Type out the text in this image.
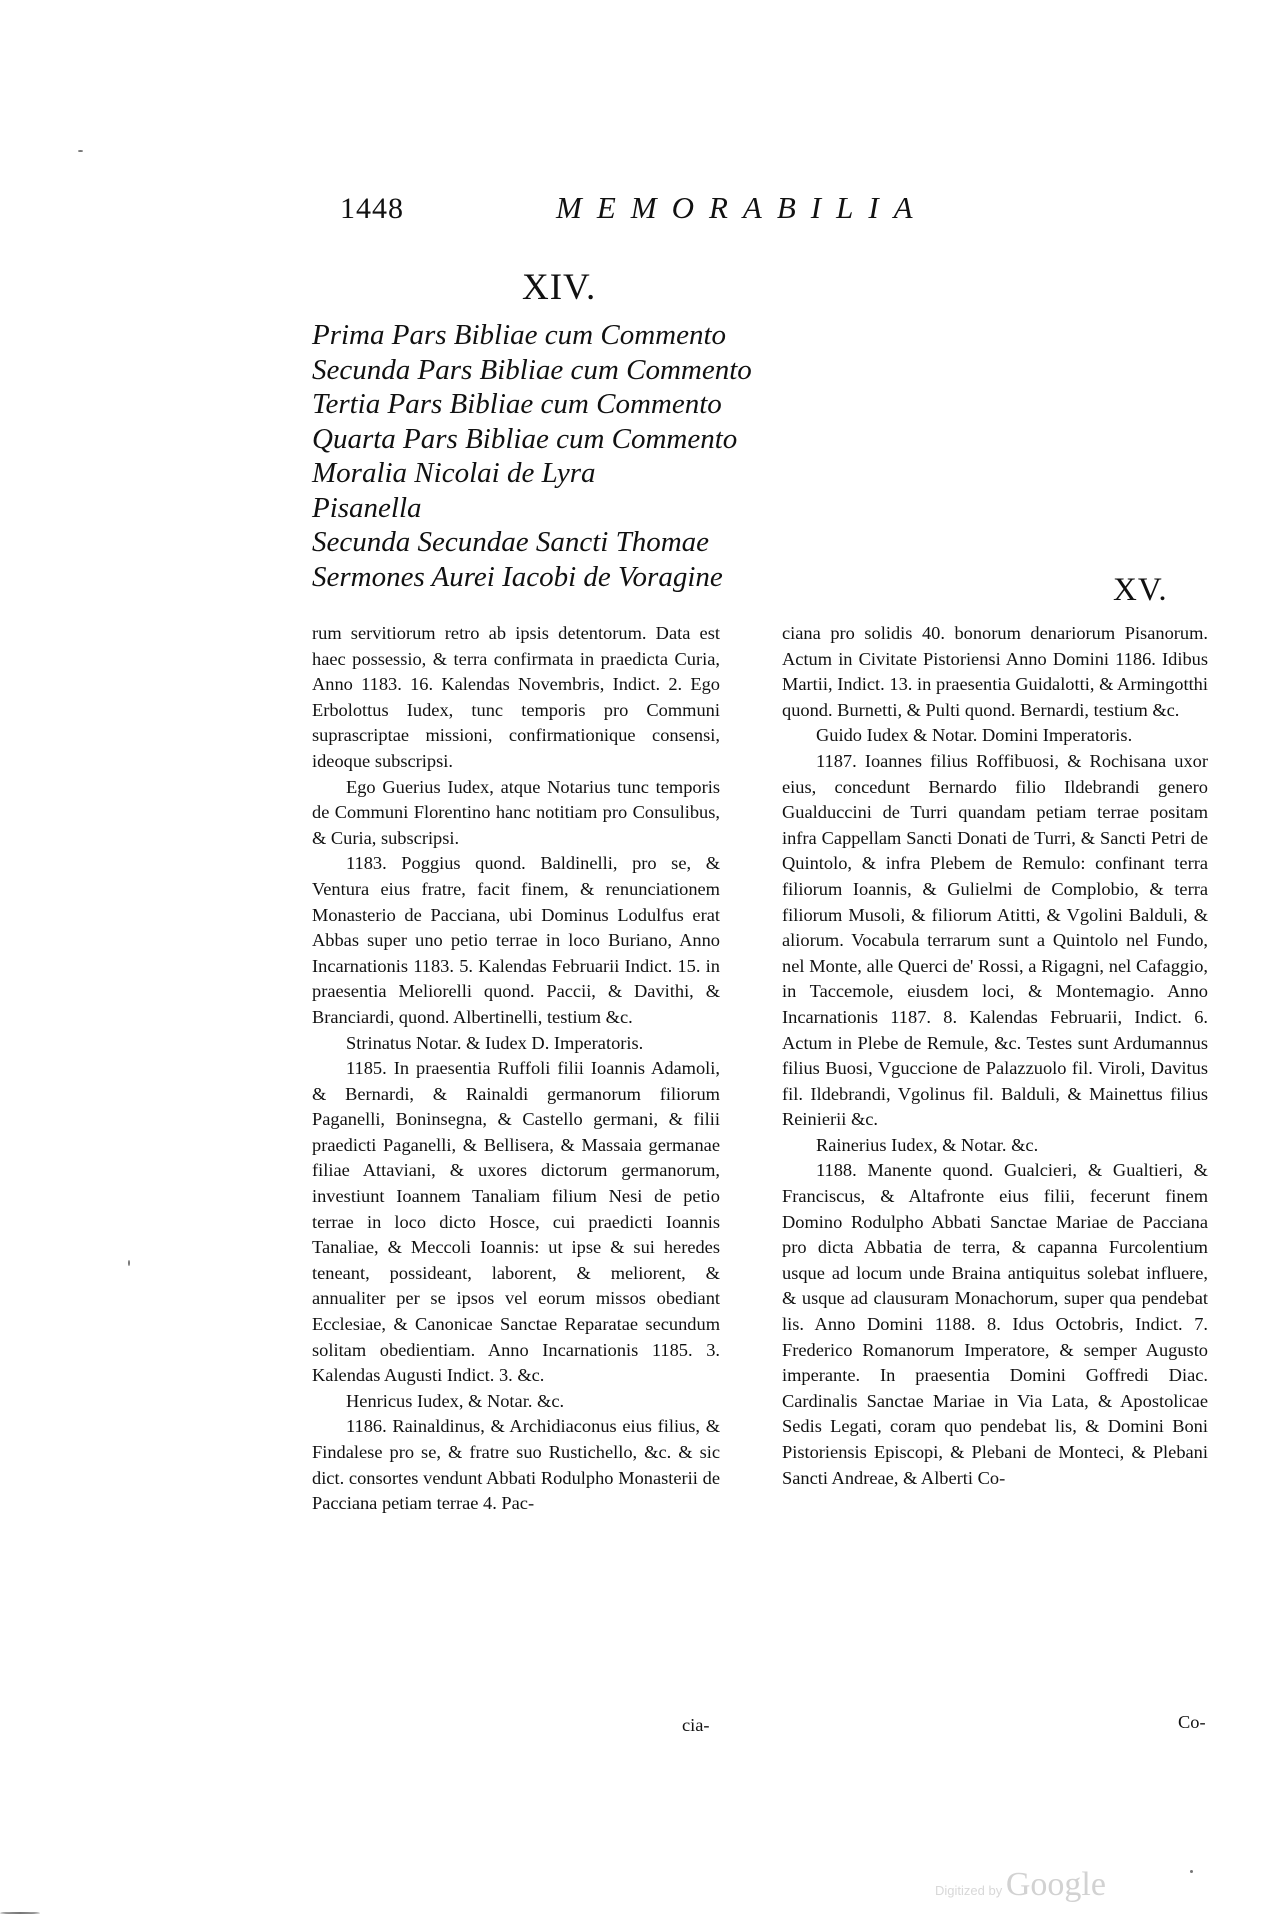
1448	MEMORABILIA
XIV.
Prima Pars Bibliae cum Commento
Secunda Pars Bibliae cum Commento
Tertia Pars Bibliae cum Commento
Quarta Pars Bibliae cum Commento
Moralia Nicolai de Lyra
Pisanella
Secunda Secundae Sancti Thomae
Sermones Aurei Iacobi de Voragine	XV.

rum servitiorum retro ab ipsis detentorum. Data est haec possessio, & terra confirmata in praedicta Curia, Anno 1183. 16. Kalendas Novembris, Indict. 2. Ego Erbolottus Iudex, tunc temporis pro Communi suprascriptae missioni, confirmationique consensi, ideoque subscripsi.

Ego Guerius Iudex, atque Notarius tunc temporis de Communi Florentino hanc notitiam pro Consulibus, & Curia, subscripsi.

1183. Poggius quond. Baldinelli, pro se, & Ventura eius fratre, facit finem, & renunciationem Monasterio de Pacciana, ubi Dominus Lodulfus erat Abbas super uno petio terrae in loco Buriano, Anno Incarnationis 1183. 5. Kalendas Februarii Indict. 15. in praesentia Meliorelli quond. Paccii, & Davithi, & Branciardi, quond. Albertinelli, testium &c.

Strinatus Notar. & Iudex D. Imperatoris.

1185. In praesentia Ruffoli filii Ioannis Adamoli, & Bernardi, & Rainaldi germanorum filiorum Paganelli, Boninsegna, & Castello germani, & filii praedicti Paganelli, & Bellisera, & Massaia germanae filiae Attaviani, & uxores dictorum germanorum, investiunt Ioannem Tanaliam filium Nesi de petio terrae in loco dicto Hosce, cui praedicti Ioannis Tanaliae, & Meccoli Ioannis: ut ipse & sui heredes teneant, possideant, laborent, & meliorent, & annualiter per se ipsos vel eorum missos obediant Ecclesiae, & Canonicae Sanctae Reparatae secundum solitam obedientiam. Anno Incarnationis 1185. 3. Kalendas Augusti Indict. 3. &c.

Henricus Iudex, & Notar. &c.

1186. Rainaldinus, & Archidiaconus eius filius, & Findalese pro se, & fratre suo Rustichello, &c. & sic dict. consortes vendunt Abbati Rodulpho Monasterii de Pacciana petiam terrae 4. Pac-

cia-

ciana pro solidis 40. bonorum denariorum Pisanorum. Actum in Civitate Pistoriensi Anno Domini 1186. Idibus Martii, Indict. 13. in praesentia Guidalotti, & Armingotthi quond. Burnetti, & Pulti quond. Bernardi, testium &c.

Guido Iudex & Notar. Domini Imperatoris.

1187. Ioannes filius Roffibuosi, & Rochisana uxor eius, concedunt Bernardo filio Ildebrandi genero Gualduccini de Turri quandam petiam terrae positam infra Cappellam Sancti Donati de Turri, & Sancti Petri de Quintolo, & infra Plebem de Remulo: confinant terra filiorum Ioannis, & Gulielmi de Complobio, & terra filiorum Musoli, & filiorum Atitti, & Vgolini Balduli, & aliorum. Vocabula terrarum sunt a Quintolo nel Fundo, nel Monte, alle Querci de' Rossi, a Rigagni, nel Cafaggio, in Taccemole, eiusdem loci, & Montemagio. Anno Incarnationis 1187. 8. Kalendas Februarii, Indict. 6. Actum in Plebe de Remule, &c. Testes sunt Ardumannus filius Buosi, Vguccione de Palazzuolo fil. Viroli, Davitus fil. Ildebrandi, Vgolinus fil. Balduli, & Mainettus filius Reinierii &c.

Rainerius Iudex, & Notar. &c.

1188. Manente quond. Gualcieri, & Gualtieri, & Franciscus, & Altafronte eius filii, fecerunt finem Domino Rodulpho Abbati Sanctae Mariae de Pacciana pro dicta Abbatia de terra, & capanna Furcolentium usque ad locum unde Braina antiquitus solebat influere, & usque ad clausuram Monachorum, super qua pendebat lis. Anno Domini 1188. 8. Idus Octobris, Indict. 7. Frederico Romanorum Imperatore, & semper Augusto imperante. In praesentia Domini Goffredi Diac. Cardinalis Sanctae Mariae in Via Lata, & Apostolicae Sedis Legati, coram quo pendebat lis, & Domini Boni Pistoriensis Episcopi, & Plebani de Monteci, & Plebani Sancti Andreae, & Alberti Co-

Co-
Digitized by Google
